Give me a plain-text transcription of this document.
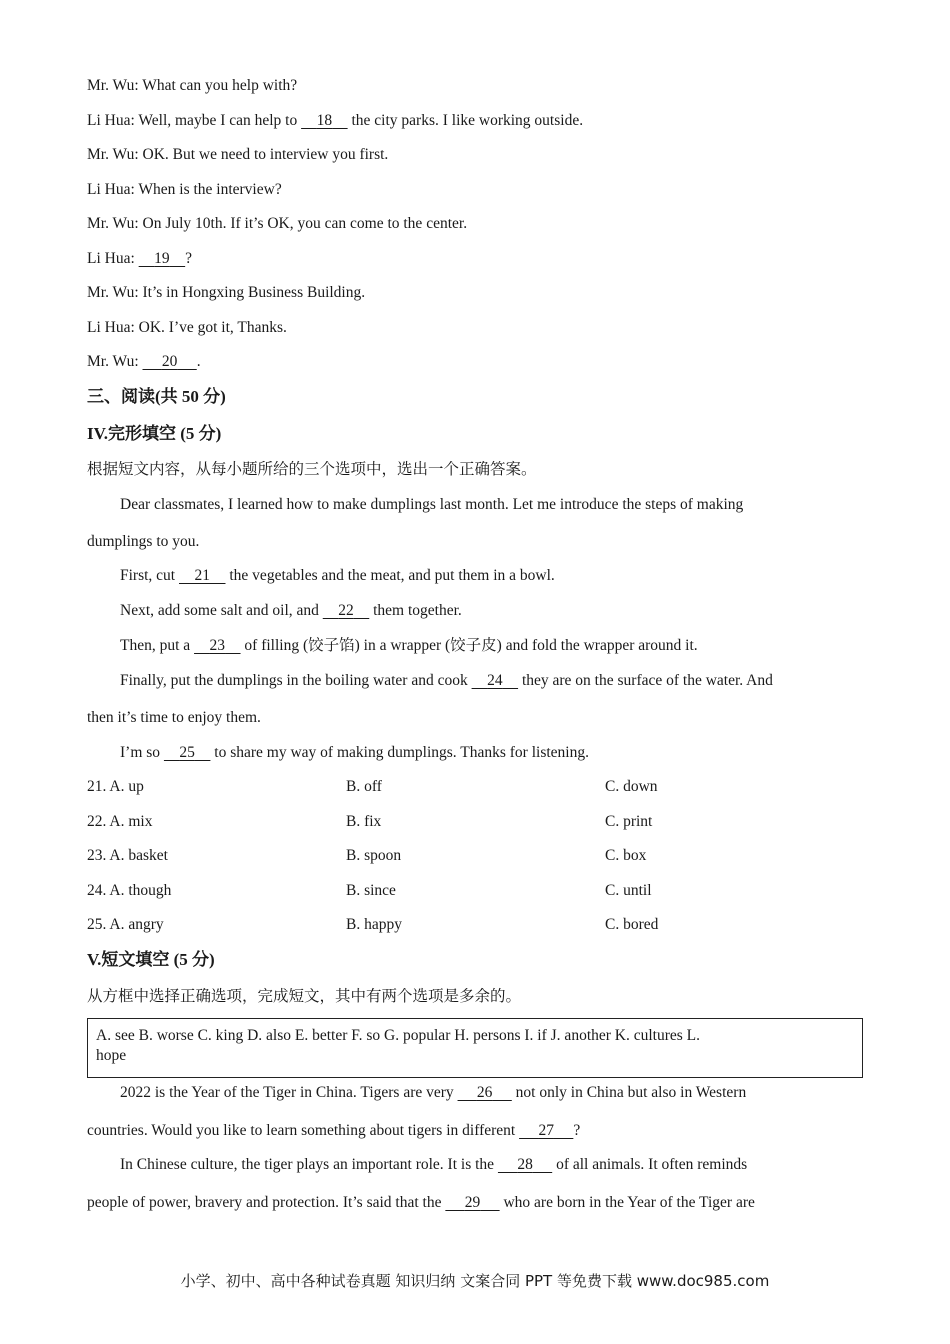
Mr. Wu: What can you help with?
Li Hua: Well, maybe I can help to     18     the city parks. I like working outside.
Mr. Wu: OK. But we need to interview you first.
Li Hua: When is the interview?
Mr. Wu: On July 10th. If it’s OK, you can come to the center.
Li Hua:     19 ?
Mr. Wu: It’s in Hongxing Business Building.
Li Hua: OK. I’ve got it, Thanks.
Mr. Wu:      20 .
三、阅读(共 50 分)
IV.完形填空 (5 分)
根据短文内容，从每小题所给的三个选项中，选出一个正确答案。
Dear classmates, I learned how to make dumplings last month. Let me introduce the steps of making
dumplings to you.
First, cut     21     the vegetables and the meat, and put them in a bowl.
Next, add some salt and oil, and     22     them together.
Then, put a     23     of filling (饺子馅) in a wrapper (饺子皮) and fold the wrapper around it.
Finally, put the dumplings in the boiling water and cook     24     they are on the surface of the water. And
then it’s time to enjoy them.
I’m so     25     to share my way of making dumplings. Thanks for listening.
21. A. up	B. off	C. down
22. A. mix	B. fix	C. print
23. A. basket	B. spoon	C. box
24. A. though	B. since	C. until
25. A. angry	B. happy	C. bored
V.短文填空 (5 分)
从方框中选择正确选项，完成短文，其中有两个选项是多余的。
A. see B. worse C. king D. also E. better F. so G. popular H. persons I. if J. another K. cultures L.
hope
2022 is the Year of the Tiger in China. Tigers are very      26      not only in China but also in Western
countries. Would you like to learn something about tigers in different      27 ?
In Chinese culture, the tiger plays an important role. It is the      28      of all animals. It often reminds
people of power, bravery and protection. It’s said that the      29      who are born in the Year of the Tiger are
小学、初中、高中各种试卷真题 知识归纳 文案合同 PPT 等免费下载 www.doc985.com
